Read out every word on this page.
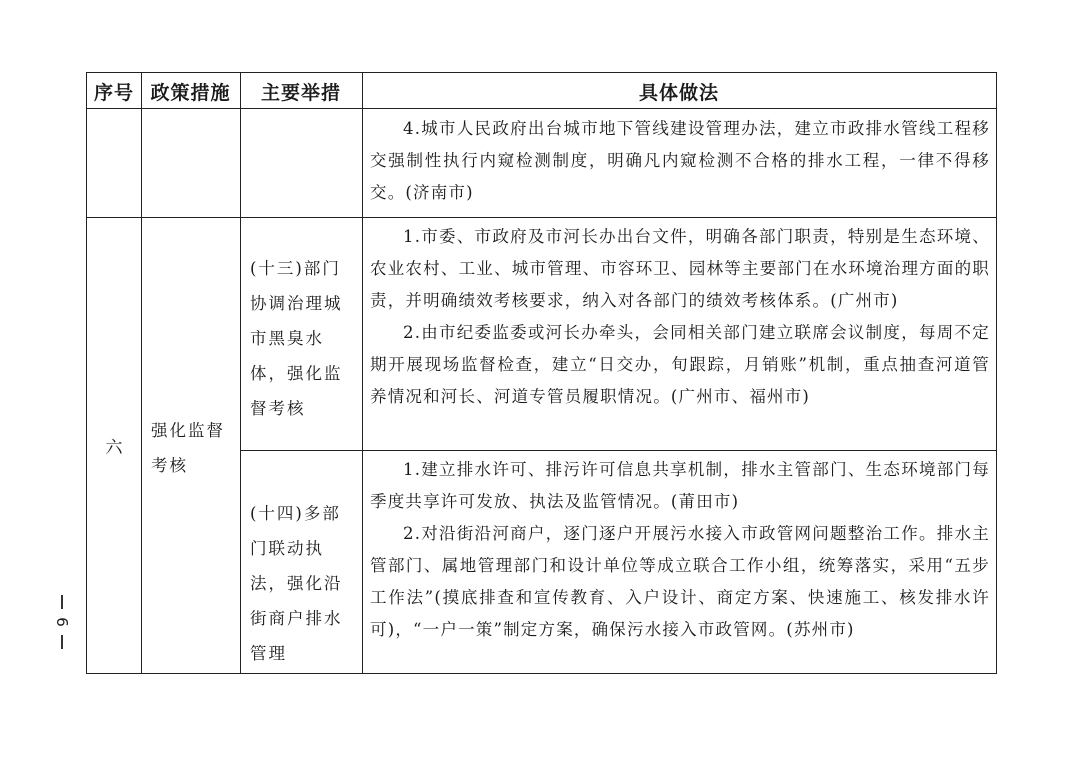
序号 政策措施	主要举措	具体做法

4.城市人民政府出台城市地下管线建设管理办法，建立市政排水管线工程移交强制性执行内窥检测制度，明确凡内窥检测不合格的排水工程，一律不得移交。(济南市)

六
强化监督考核
(十三)部门协调治理城市黑臭水体，强化监督考核

1.市委、市政府及市河长办出台文件，明确各部门职责，特别是生态环境、农业农村、工业、城市管理、市容环卫、园林等主要部门在水环境治理方面的职责，并明确绩效考核要求，纳入对各部门的绩效考核体系。(广州市)

2.由市纪委监委或河长办牵头，会同相关部门建立联席会议制度，每周不定期开展现场监督检查，建立“日交办，旬跟踪，月销账”机制，重点抽查河道管养情况和河长、河道专管员履职情况。(广州市、福州市)

(十四)多部门联动执法，强化沿街商户排水管理

1.建立排水许可、排污许可信息共享机制，排水主管部门、生态环境部门每季度共享许可发放、执法及监管情况。(莆田市)

2.对沿街沿河商户，逐门逐户开展污水接入市政管网问题整治工作。排水主管部门、属地管理部门和设计单位等成立联合工作小组，统筹落实，采用“五步工作法”(摸底排查和宣传教育、入户设计、商定方案、快速施工、核发排水许可)，“一户一策”制定方案，确保污水接入市政管网。(苏州市)

6
